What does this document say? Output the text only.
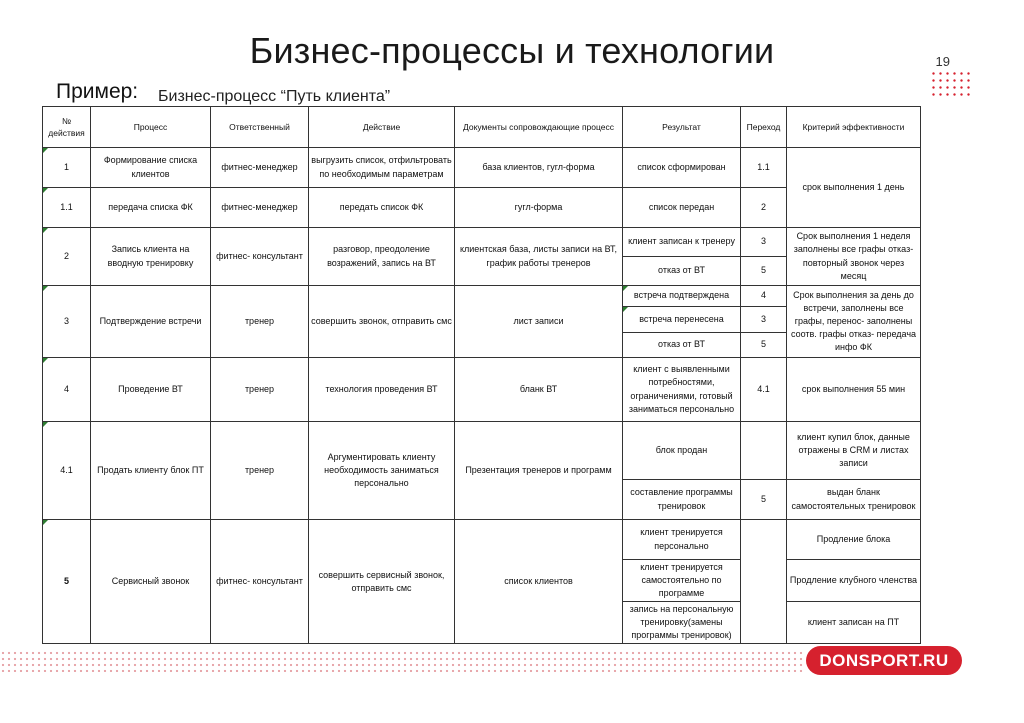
Бизнес-процессы и технологии	19
Пример: Бизнес-процесс “Путь клиента”
№ действия	Процесс	Ответственный	Действие	Документы сопровождающие процесс	Результат	Переход	Критерий эффективности
1	Формирование списка клиентов	фитнес-менеджер	выгрузить список, отфильтровать по необходимым параметрам	база клиентов, гугл-форма	список сформирован	1.1	срок выполнения 1 день
1.1	передача списка ФК	фитнес-менеджер	передать список ФК	гугл-форма	список передан	2	
2	Запись клиента на вводную тренировку	фитнес- консультант	разговор, преодоление возражений, запись на ВТ	клиентская база, листы записи на ВТ, график работы тренеров	клиент записан к тренеру	3	Срок выполнения 1 неделя заполнены все графы отказ- повторный звонок через месяц
					отказ от ВТ	5	
3	Подтверждение встречи	тренер	совершить звонок, отправить смс	лист записи	встреча подтверждена	4	Срок выполнения за день до встречи, заполнены все графы, перенос- заполнены соотв. графы отказ- передача инфо ФК
					встреча перенесена	3	
					отказ от ВТ	5	
4	Проведение ВТ	тренер	технология проведения ВТ	бланк ВТ	клиент с выявленными потребностями, ограничениями, готовый заниматься персонально	4.1	срок выполнения 55 мин
4.1	Продать клиенту блок ПТ	тренер	Аргументировать клиенту необходимость заниматься персонально	Презентация тренеров и программ	блок продан		клиент купил блок, данные отражены в CRM и листах записи
					составление программы тренировок	5	выдан бланк самостоятельных тренировок
5	Сервисный звонок	фитнес- консультант	совершить сервисный звонок, отправить смс	список клиентов	клиент тренируется персонально		Продление блока
					клиент тренируется самостоятельно по программе		Продление клубного членства
					запись на персональную тренировку(замены программы тренировок)		клиент записан на ПТ
DONSPORT.RU
